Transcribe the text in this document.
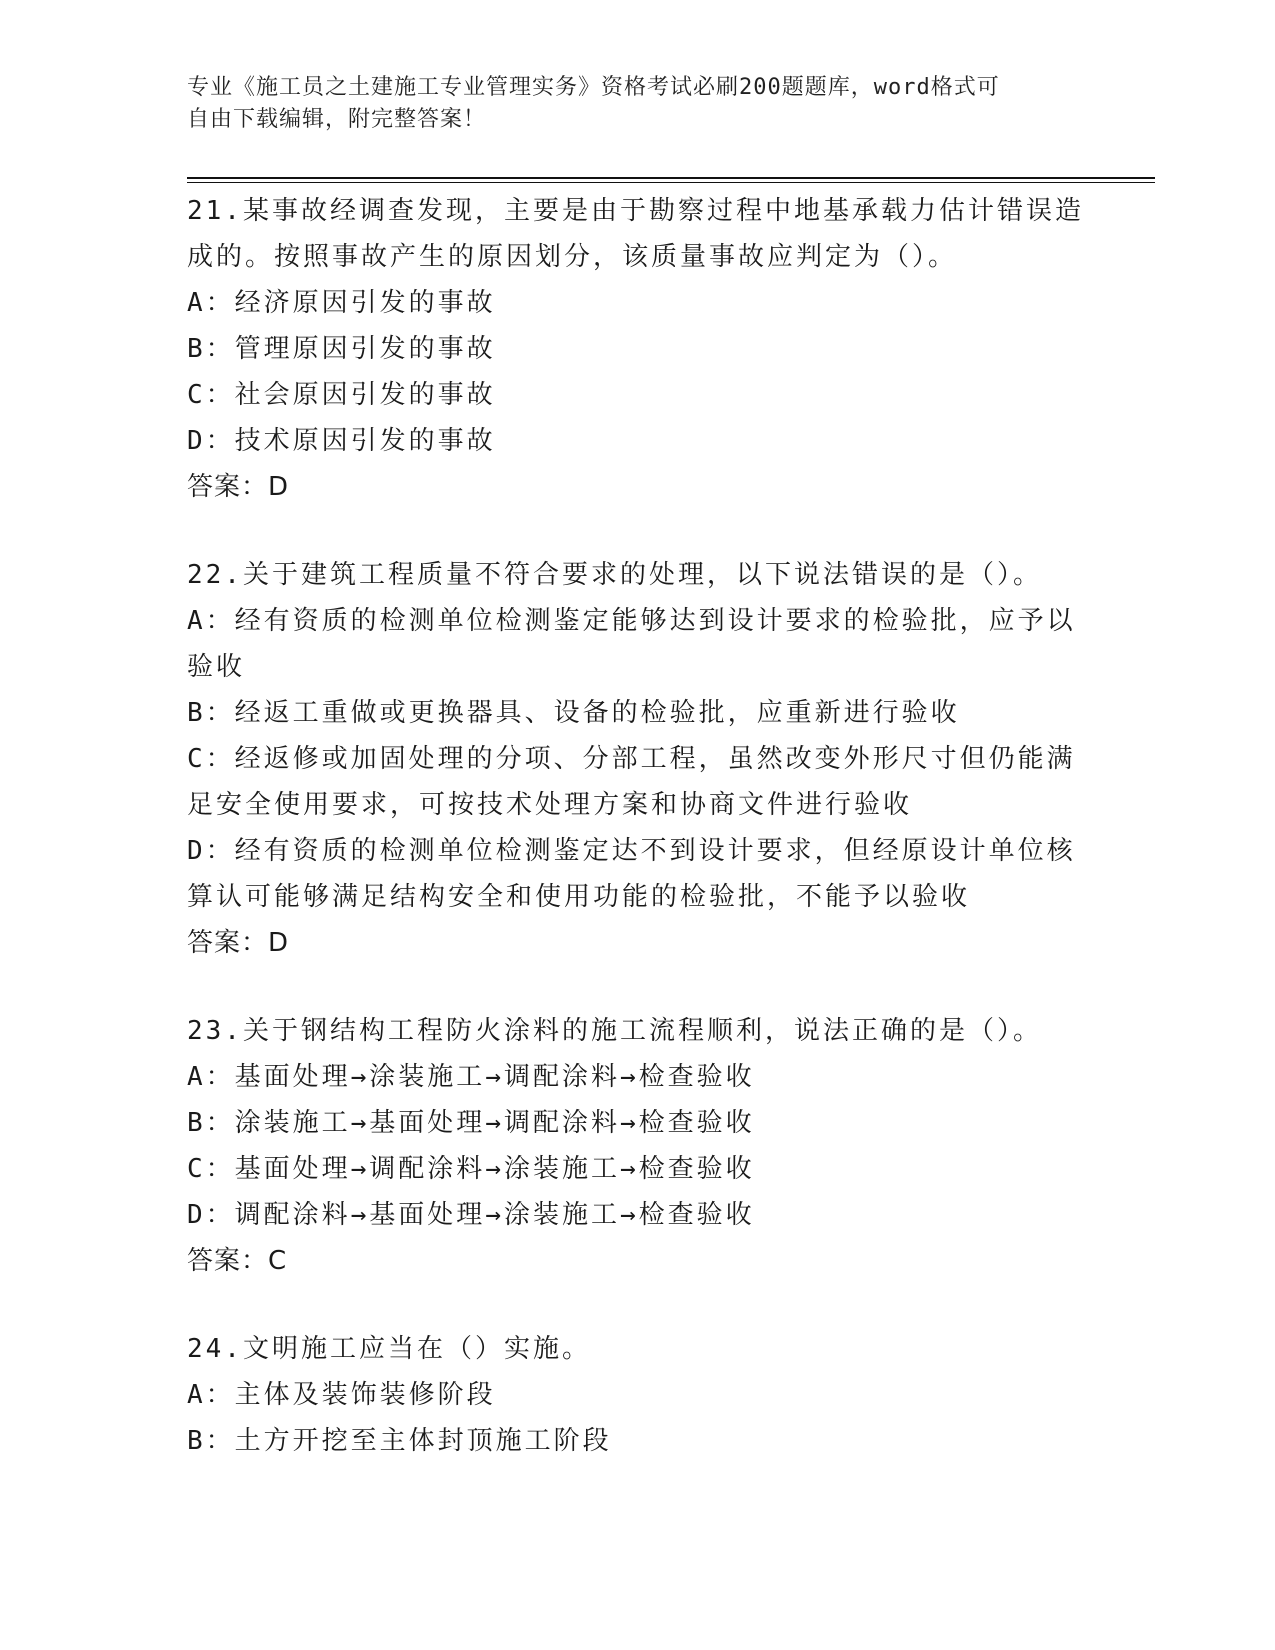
专业《施工员之土建施工专业管理实务》资格考试必刷200题题库，word格式可
自由下载编辑，附完整答案！
21.某事故经调查发现，主要是由于勘察过程中地基承载力估计错误造
成的。按照事故产生的原因划分，该质量事故应判定为（）。
A：经济原因引发的事故
B：管理原因引发的事故
C：社会原因引发的事故
D：技术原因引发的事故
答案：D
22.关于建筑工程质量不符合要求的处理，以下说法错误的是（）。
A：经有资质的检测单位检测鉴定能够达到设计要求的检验批，应予以
验收
B：经返工重做或更换器具、设备的检验批，应重新进行验收
C：经返修或加固处理的分项、分部工程，虽然改变外形尺寸但仍能满
足安全使用要求，可按技术处理方案和协商文件进行验收
D：经有资质的检测单位检测鉴定达不到设计要求，但经原设计单位核
算认可能够满足结构安全和使用功能的检验批，不能予以验收
答案：D
23.关于钢结构工程防火涂料的施工流程顺利，说法正确的是（）。
A：基面处理→涂装施工→调配涂料→检查验收
B：涂装施工→基面处理→调配涂料→检查验收
C：基面处理→调配涂料→涂装施工→检查验收
D：调配涂料→基面处理→涂装施工→检查验收
答案：C
24.文明施工应当在（）实施。
A：主体及装饰装修阶段
B：土方开挖至主体封顶施工阶段
